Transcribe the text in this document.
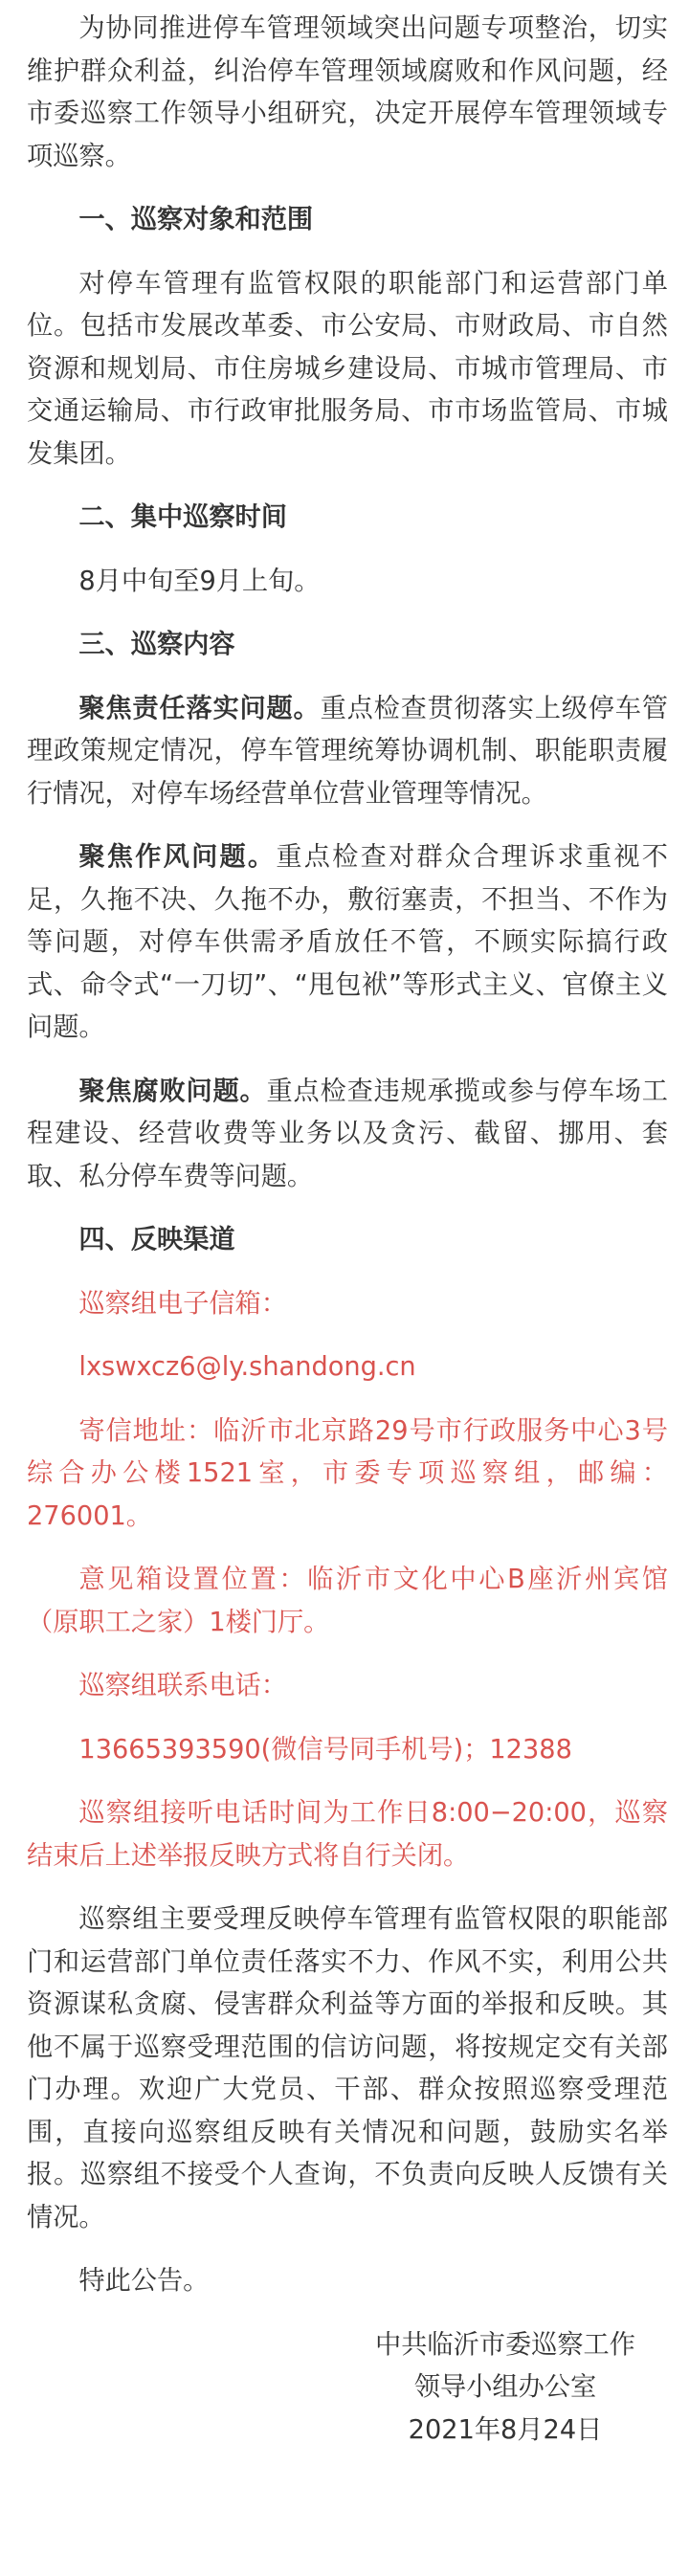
为协同推进停车管理领域突出问题专项整治，切实维护群众利益，纠治停车管理领域腐败和作风问题，经市委巡察工作领导小组研究，决定开展停车管理领域专项巡察。

一、巡察对象和范围

对停车管理有监管权限的职能部门和运营部门单位。包括市发展改革委、市公安局、市财政局、市自然资源和规划局、市住房城乡建设局、市城市管理局、市交通运输局、市行政审批服务局、市市场监管局、市城发集团。

二、集中巡察时间

8月中旬至9月上旬。

三、巡察内容

聚焦责任落实问题。重点检查贯彻落实上级停车管理政策规定情况，停车管理统筹协调机制、职能职责履行情况，对停车场经营单位营业管理等情况。

聚焦作风问题。重点检查对群众合理诉求重视不足，久拖不决、久拖不办，敷衍塞责，不担当、不作为等问题，对停车供需矛盾放任不管，不顾实际搞行政式、命令式“一刀切”、“甩包袱”等形式主义、官僚主义问题。

聚焦腐败问题。重点检查违规承揽或参与停车场工程建设、经营收费等业务以及贪污、截留、挪用、套取、私分停车费等问题。

四、反映渠道

巡察组电子信箱：

lxswxcz6@ly.shandong.cn

寄信地址：临沂市北京路29号市行政服务中心3号综合办公楼1521室，市委专项巡察组，邮编：276001。

意见箱设置位置：临沂市文化中心B座沂州宾馆（原职工之家）1楼门厅。

巡察组联系电话：

13665393590(微信号同手机号)；12388

巡察组接听电话时间为工作日8:00−20:00，巡察结束后上述举报反映方式将自行关闭。

巡察组主要受理反映停车管理有监管权限的职能部门和运营部门单位责任落实不力、作风不实，利用公共资源谋私贪腐、侵害群众利益等方面的举报和反映。其他不属于巡察受理范围的信访问题，将按规定交有关部门办理。欢迎广大党员、干部、群众按照巡察受理范围，直接向巡察组反映有关情况和问题，鼓励实名举报。巡察组不接受个人查询，不负责向反映人反馈有关情况。

特此公告。

中共临沂市委巡察工作
领导小组办公室
2021年8月24日
